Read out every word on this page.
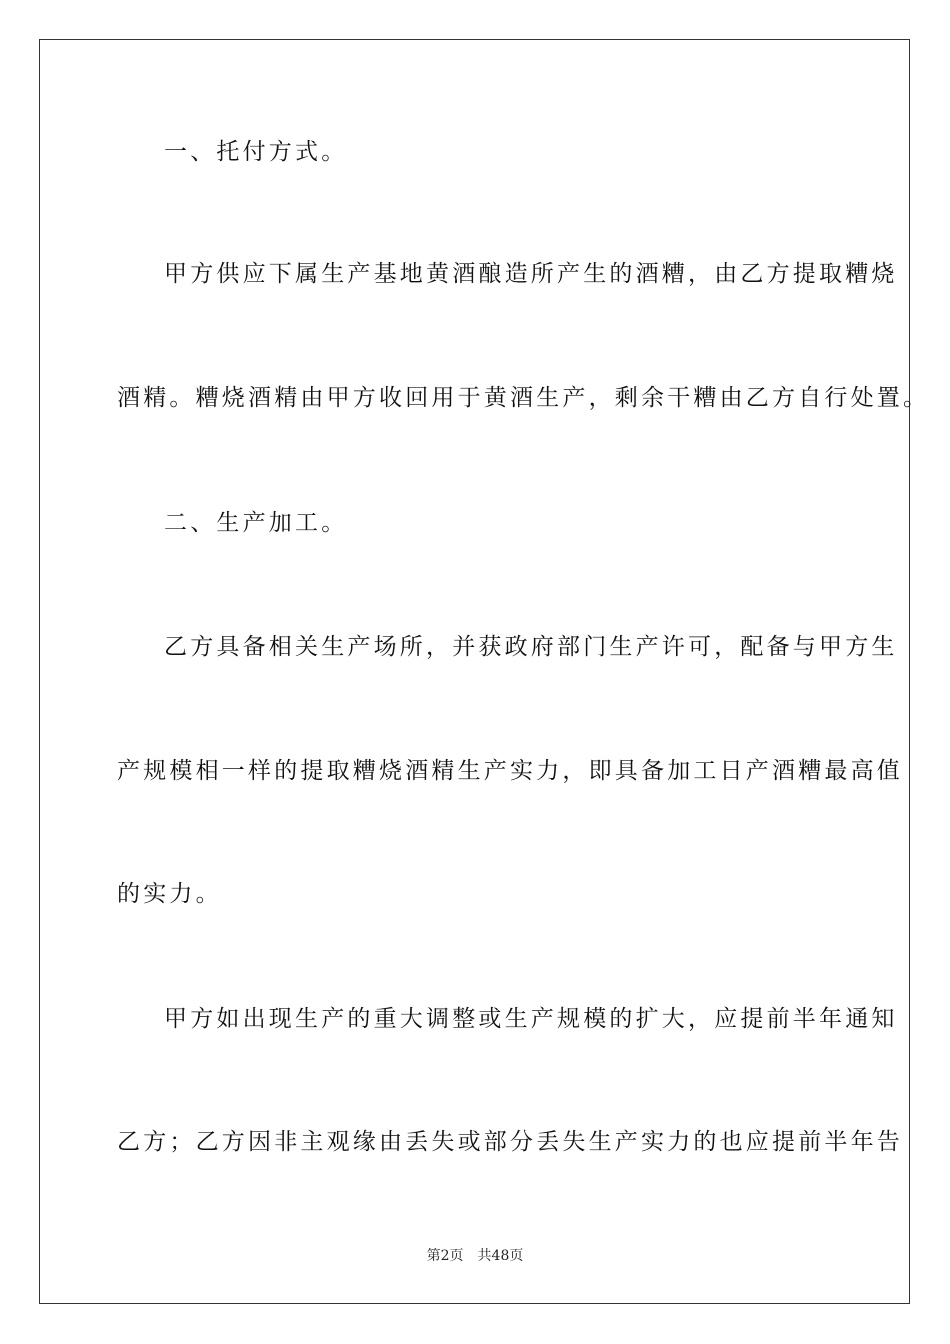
一、托付方式。
甲方供应下属生产基地黄酒酿造所产生的酒糟，由乙方提取糟烧
酒精。糟烧酒精由甲方收回用于黄酒生产，剩余干糟由乙方自行处置。
二、生产加工。
乙方具备相关生产场所，并获政府部门生产许可，配备与甲方生
产规模相一样的提取糟烧酒精生产实力，即具备加工日产酒糟最高值
的实力。
甲方如出现生产的重大调整或生产规模的扩大，应提前半年通知
乙方；乙方因非主观缘由丢失或部分丢失生产实力的也应提前半年告
第2页 共48页
